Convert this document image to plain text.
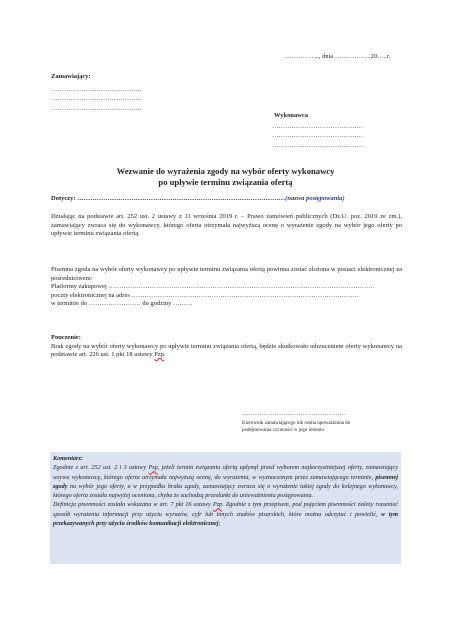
…………….., dnia ……………..20…..r.
Zamawiający:
……………………………………
……………………………………
……………………………………
Wykonawca
……………………………………
……………………………………
……………………………………
Wezwanie do wyrażenia zgody na wybór oferty wykonawcy
po upływie terminu związania ofertą
Dotyczy: ……………………………………………………………………………………(nazwa postępowania)
Działając na podstawie art. 252 ust. 2 ustawy z 11 września 2019 r. – Prawo zamówień publicznych (Dz.U. poz. 2019 ze zm.), zamawiający zwraca się do wykonawcy, którego oferta otrzymała najwyższą ocenę o wyrażenie zgody na wybór jego oferty po upływie terminu związania ofertą.
Pisemna zgoda na wybór oferty wykonawcy po upływie terminu związania ofertą powinna zostać złożona w postaci elektronicznej za pośrednictwem:
Platformy zakupowej ……………………………………………………………………………………………………………
poczty elektronicznej na adres ……………………………………………………………………………………………
w terminie do …………………… do godziny ………
Pouczenie:
Brak zgody na wybór oferty wykonawcy po upływie terminu związania ofertą, będzie skutkowało odrzuceniem oferty wykonawcy na podstawie art. 226 ust. 1 pkt 18 ustawy Pzp.
…………………………………………
Kierownik zamawiającego lub osoba upoważniona do
podejmowania czynności w jego imieniu
Komentarz:
Zgodnie z art. 252 ust. 2 i 3 ustawy Pzp, jeżeli termin związania ofertą upłynął przed wyborem najkorzystniejszej oferty, zamawiający wzywa wykonawcę, którego oferta otrzymała najwyższą ocenę, do wyrażenia, w wyznaczonym przez zamawiającego terminie, pisemnej zgody na wybór jego oferty, a w przypadku braku zgody, zamawiający zwraca się o wyrażenie takiej zgody do kolejnego wykonawcy, którego oferta została najwyżej oceniona, chyba że zachodzą przesłanki do unieważnienia postępowania.
Definicja pisemności została wskazana w art. 7 pkt 16 ustawy Pzp. Zgodnie z tym przepisem, pod pojęciem pisemności należy rozumieć sposób wyrażenia informacji przy użyciu wyrazów, cyfr lub innych znaków pisarskich, które można odczytać i powielić, w tym przekazywanych przy użyciu środków komunikacji elektronicznej;
